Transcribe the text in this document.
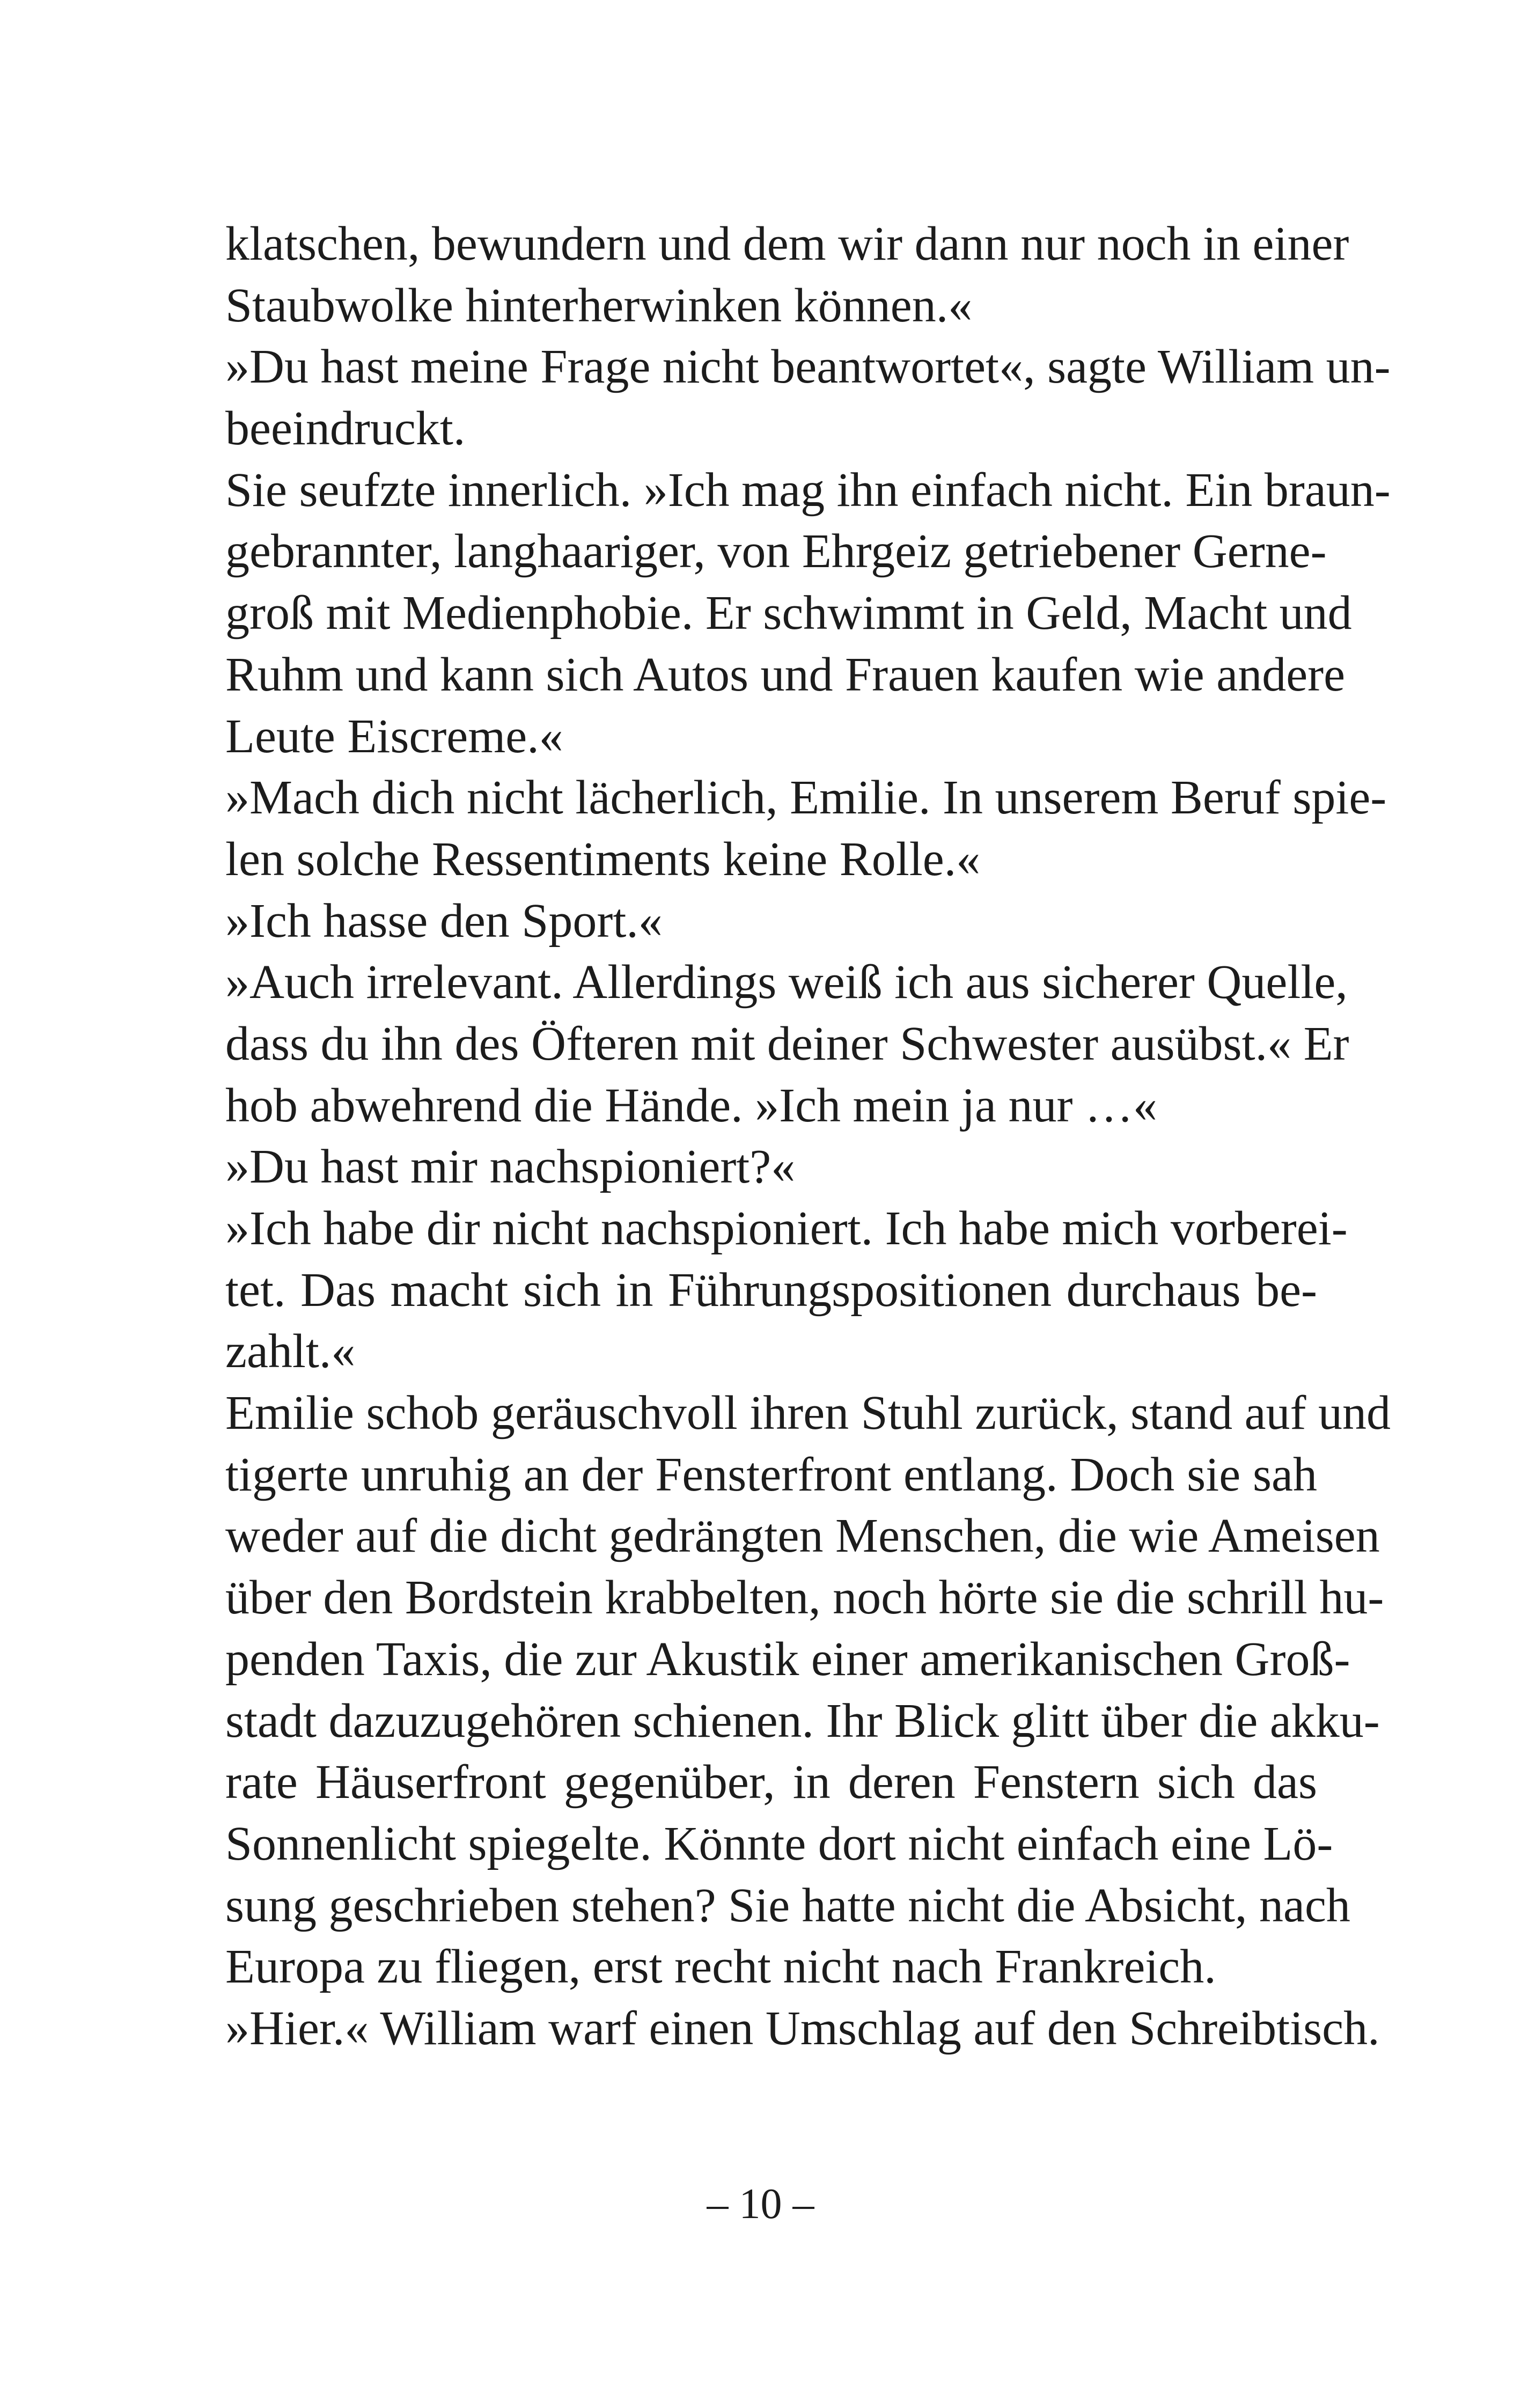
klatschen, bewundern und dem wir dann nur noch in einer
Staubwolke hinterherwinken können.«
»Du hast meine Frage nicht beantwortet«, sagte William un-
beeindruckt.
Sie seufzte innerlich. »Ich mag ihn einfach nicht. Ein braun-
gebrannter, langhaariger, von Ehrgeiz getriebener Gerne-
groß mit Medienphobie. Er schwimmt in Geld, Macht und
Ruhm und kann sich Autos und Frauen kaufen wie andere
Leute Eiscreme.«
»Mach dich nicht lächerlich, Emilie. In unserem Beruf spie-
len solche Ressentiments keine Rolle.«
»Ich hasse den Sport.«
»Auch irrelevant. Allerdings weiß ich aus sicherer Quelle,
dass du ihn des Öfteren mit deiner Schwester ausübst.« Er
hob abwehrend die Hände. »Ich mein ja nur …«
»Du hast mir nachspioniert?«
»Ich habe dir nicht nachspioniert. Ich habe mich vorberei-
tet. Das macht sich in Führungspositionen durchaus be-
zahlt.«
Emilie schob geräuschvoll ihren Stuhl zurück, stand auf und
tigerte unruhig an der Fensterfront entlang. Doch sie sah
weder auf die dicht gedrängten Menschen, die wie Ameisen
über den Bordstein krabbelten, noch hörte sie die schrill hu-
penden Taxis, die zur Akustik einer amerikanischen Groß-
stadt dazuzugehören schienen. Ihr Blick glitt über die akku-
rate Häuserfront gegenüber, in deren Fenstern sich das
Sonnenlicht spiegelte. Könnte dort nicht einfach eine Lö-
sung geschrieben stehen? Sie hatte nicht die Absicht, nach
Europa zu fliegen, erst recht nicht nach Frankreich.
»Hier.« William warf einen Umschlag auf den Schreibtisch.
– 10 –
